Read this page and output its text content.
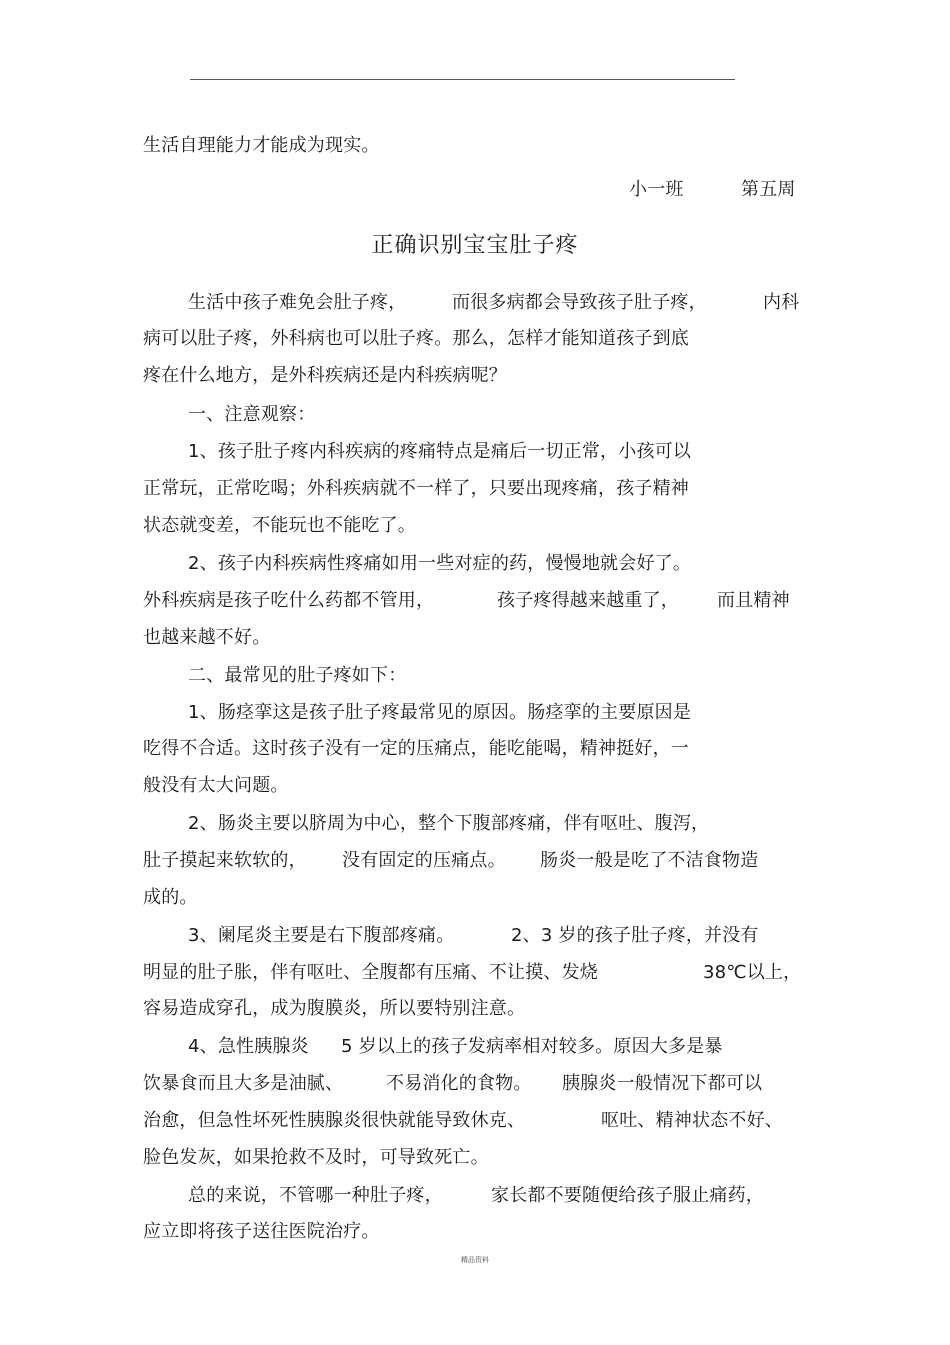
生活自理能力才能成为现实。

小一班

	第五周

正确识别宝宝肚子疼

生活中孩子难免会肚子疼，

	而很多病都会导致孩子肚子疼，

	内科

病可以肚子疼，外科病也可以肚子疼。那么，怎样才能知道孩子到底
疼在什么地方，是外科疾病还是内科疾病呢？
一、注意观察：
1、孩子肚子疼内科疾病的疼痛特点是痛后一切正常，小孩可以
正常玩，正常吃喝；外科疾病就不一样了，只要出现疼痛，孩子精神
状态就变差，不能玩也不能吃了。
2、孩子内科疾病性疼痛如用一些对症的药，慢慢地就会好了。

外科疾病是孩子吃什么药都不管用，

	孩子疼得越来越重了，

而且精神

也越来越不好。
二、最常见的肚子疼如下：
1、肠痉挛这是孩子肚子疼最常见的原因。肠痉挛的主要原因是
吃得不合适。这时孩子没有一定的压痛点，能吃能喝，精神挺好，一
般没有太大问题。
2、肠炎主要以脐周为中心，整个下腹部疼痛，伴有呕吐、腹泻，

肚子摸起来软软的，

没有固定的压痛点。

肠炎一般是吃了不洁食物造

成的。

3、阑尾炎主要是右下腹部疼痛。

	2、3 岁的孩子肚子疼，并没有

明显的肚子胀，伴有呕吐、全腹都有压痛、不让摸、发烧

	38℃以上，

容易造成穿孔，成为腹膜炎，所以要特别注意。

4、急性胰腺炎

5 岁以上的孩子发病率相对较多。原因大多是暴

饮暴食而且大多是油腻、

不易消化的食物。

胰腺炎一般情况下都可以

治愈，但急性坏死性胰腺炎很快就能导致休克、

	呕吐、精神状态不好、

脸色发灰，如果抢救不及时，可导致死亡。

总的来说，不管哪一种肚子疼，

	家长都不要随便给孩子服止痛药，

应立即将孩子送往医院治疗。
精品资料
